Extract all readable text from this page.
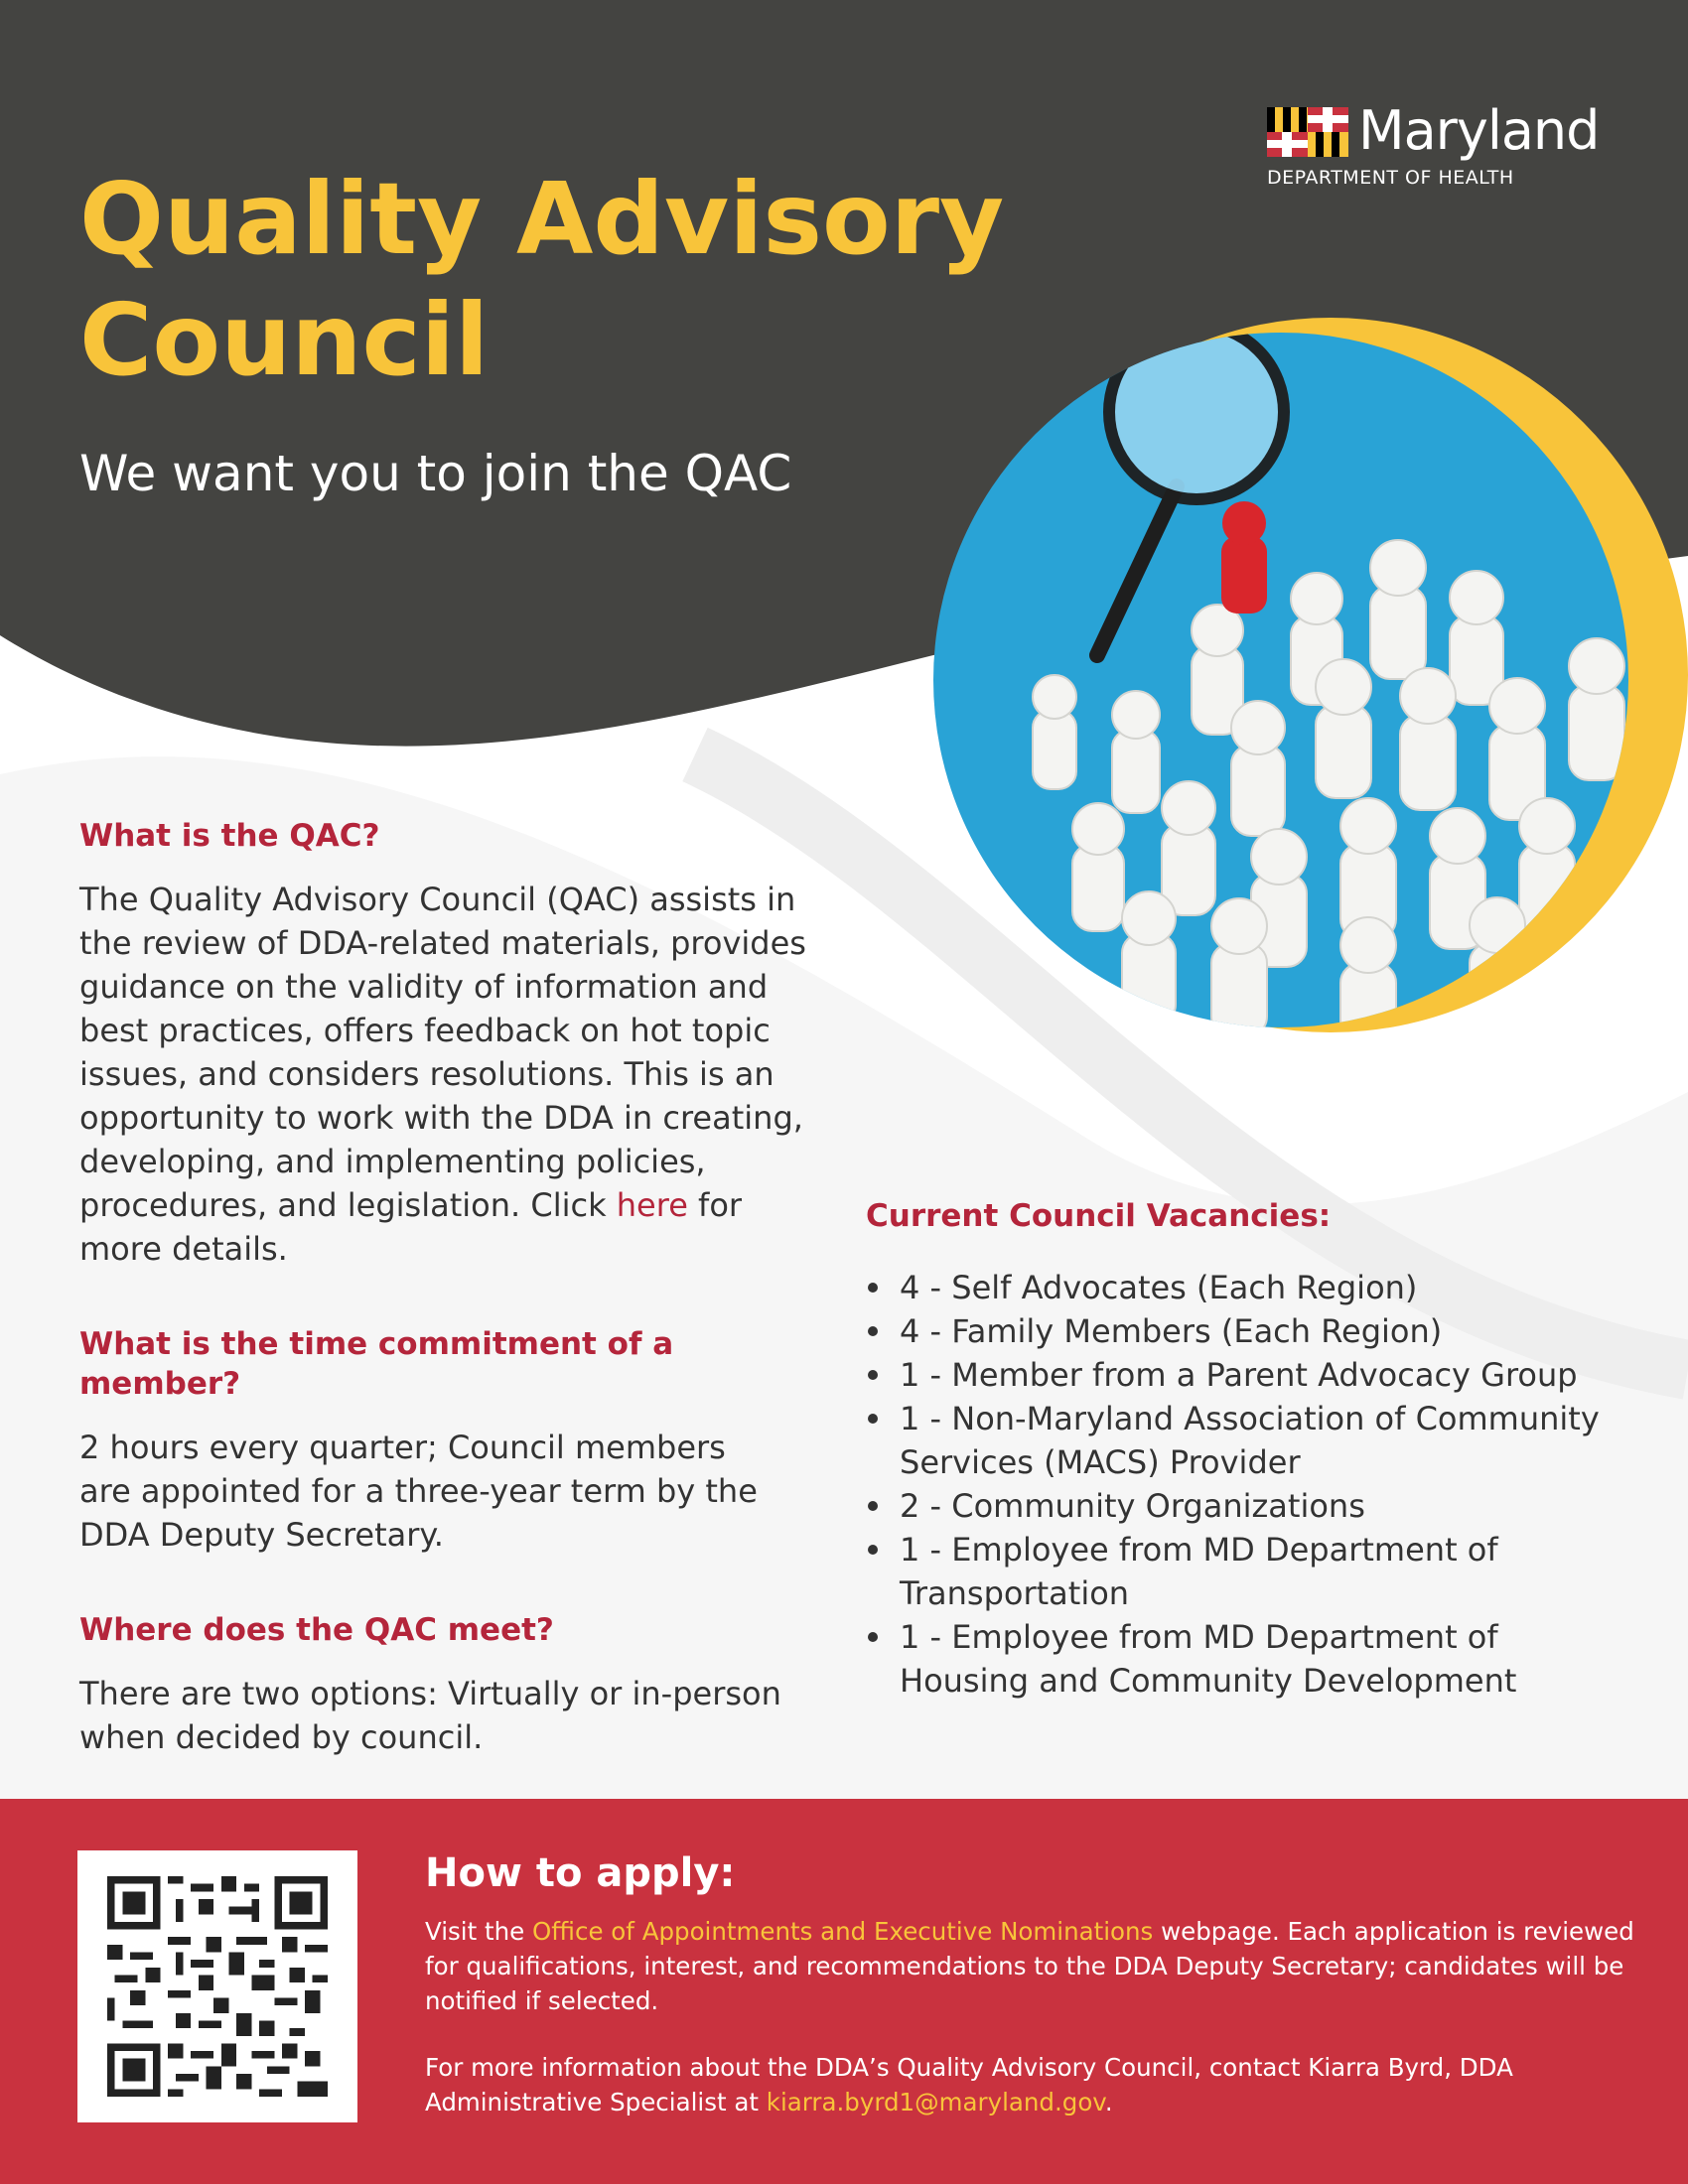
Maryland
DEPARTMENT OF HEALTH
Quality Advisory Council
We want you to join the QAC
What is the QAC?

The Quality Advisory Council (QAC) assists in the review of DDA-related materials, provides guidance on the validity of information and best practices, offers feedback on hot topic issues, and considers resolutions. This is an opportunity to work with the DDA in creating, developing, and implementing policies, procedures, and legislation. Click here for more details.

What is the time commitment of a member?

2 hours every quarter; Council members are appointed for a three-year term by the DDA Deputy Secretary.

Where does the QAC meet?

There are two options: Virtually or in-person when decided by council.

Current Council Vacancies:
4 - Self Advocates (Each Region)
4 - Family Members (Each Region)
1 - Member from a Parent Advocacy Group
1 - Non-Maryland Association of Community Services (MACS) Provider
2 - Community Organizations
1 - Employee from MD Department of Transportation
1 - Employee from MD Department of Housing and Community Development
How to apply:

Visit the Office of Appointments and Executive Nominations webpage. Each application is reviewed for qualifications, interest, and recommendations to the DDA Deputy Secretary; candidates will be notified if selected.

For more information about the DDA’s Quality Advisory Council, contact Kiarra Byrd, DDA Administrative Specialist at kiarra.byrd1@maryland.gov.
